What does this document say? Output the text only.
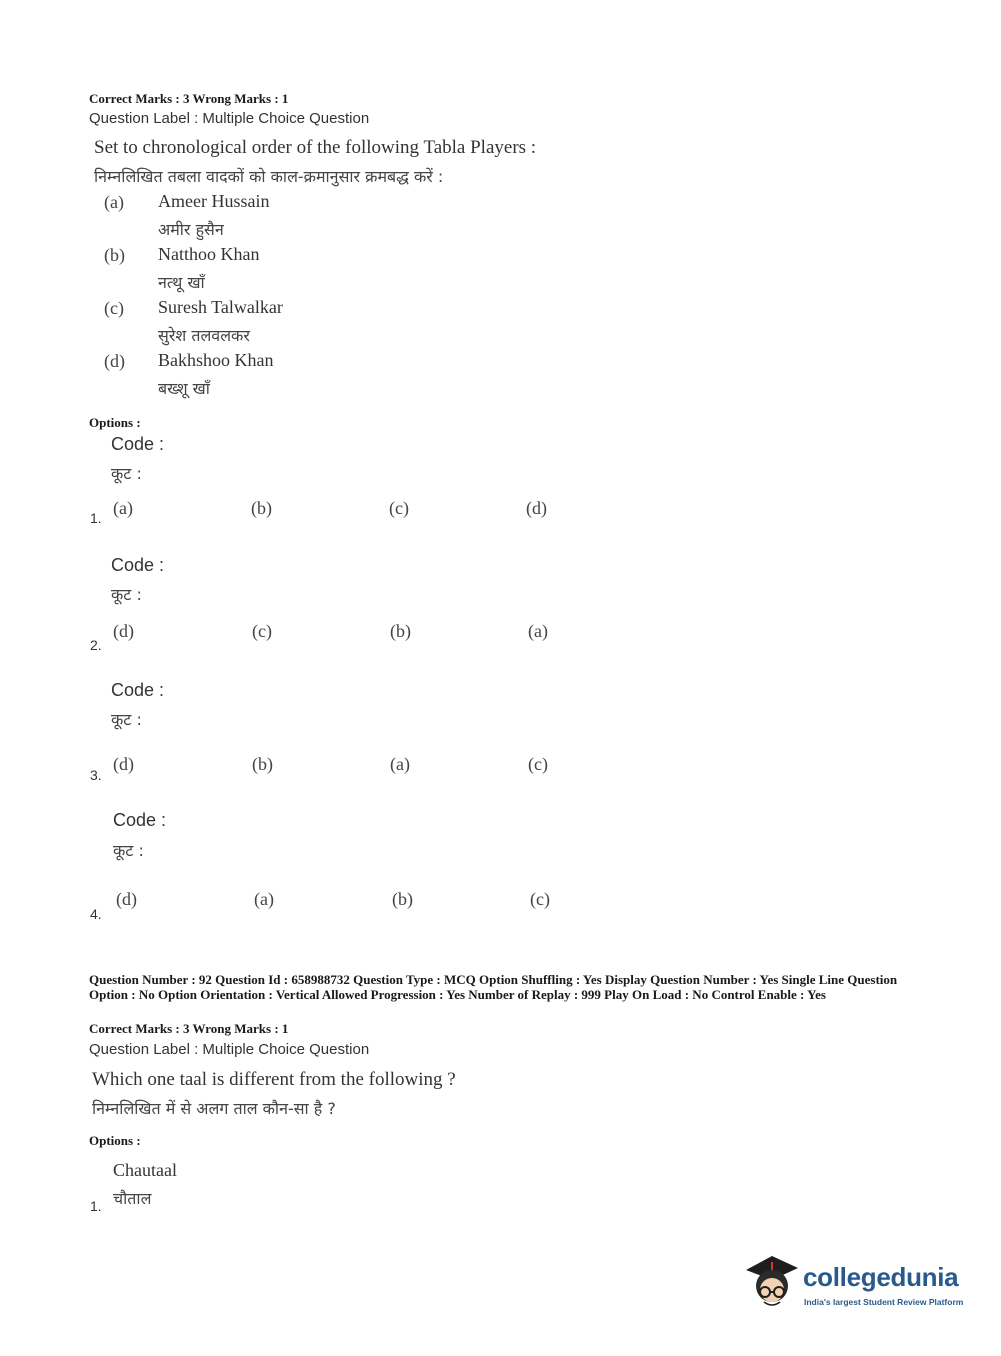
Correct Marks : 3 Wrong Marks : 1
Question Label : Multiple Choice Question
Set to chronological order of the following Tabla Players :
निम्नलिखित तबला वादकों को काल-क्रमानुसार क्रमबद्ध करें :
(a) Ameer Hussain
अमीर हुसैन
(b) Natthoo Khan
नत्थू खाँ
(c) Suresh Talwalkar
सुरेश तलवलकर
(d) Bakhshoo Khan
बख्शू खाँ
Options :
Code :
कूट :
1. (a)	(b)	(c)	(d)
Code :
कूट :
2.
(d)	(c)	(b)	(a)
Code :
कूट :
3.
(d)	(b)	(a)	(c)
Code :
कूट :
4.
(d)	(a)	(b)	(c)
Question Number : 92 Question Id : 658988732 Question Type : MCQ Option Shuffling : Yes Display Question Number : Yes Single Line Question Option : No Option Orientation : Vertical Allowed Progression : Yes Number of Replay : 999 Play On Load : No Control Enable : Yes
Correct Marks : 3 Wrong Marks : 1
Question Label : Multiple Choice Question
Which one taal is different from the following ?
निम्नलिखित में से अलग ताल कौन-सा है ?
Options :
Chautaal
चौताल
1.
collegedunia
India's largest Student Review Platform
